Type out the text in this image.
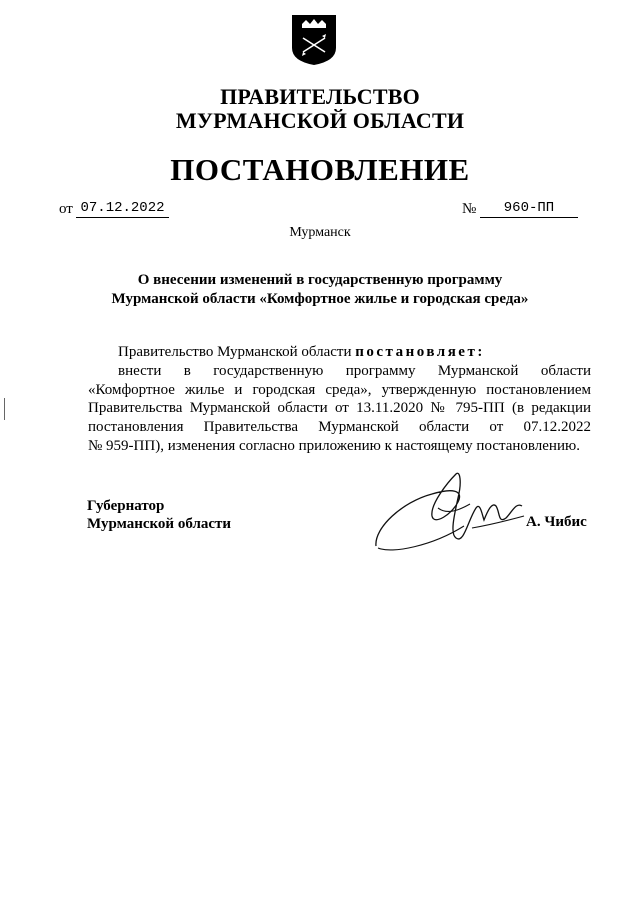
ПРАВИТЕЛЬСТВО
МУРМАНСКОЙ ОБЛАСТИ
ПОСТАНОВЛЕНИЕ
от 07.12.2022	№	960-ПП
Мурманск
О внесении изменений в государственную программу
Мурманской области «Комфортное жилье и городская среда»
Правительство Мурманской области постановляет:
внести в государственную программу Мурманской области
«Комфортное жилье и городская среда», утвержденную постановлением
Правительства Мурманской области от 13.11.2020 № 795-ПП (в редакции
постановления Правительства Мурманской области от 07.12.2022
№ 959-ПП), изменения согласно приложению к настоящему постановлению.
Губернатор
Мурманской области	А. Чибис
